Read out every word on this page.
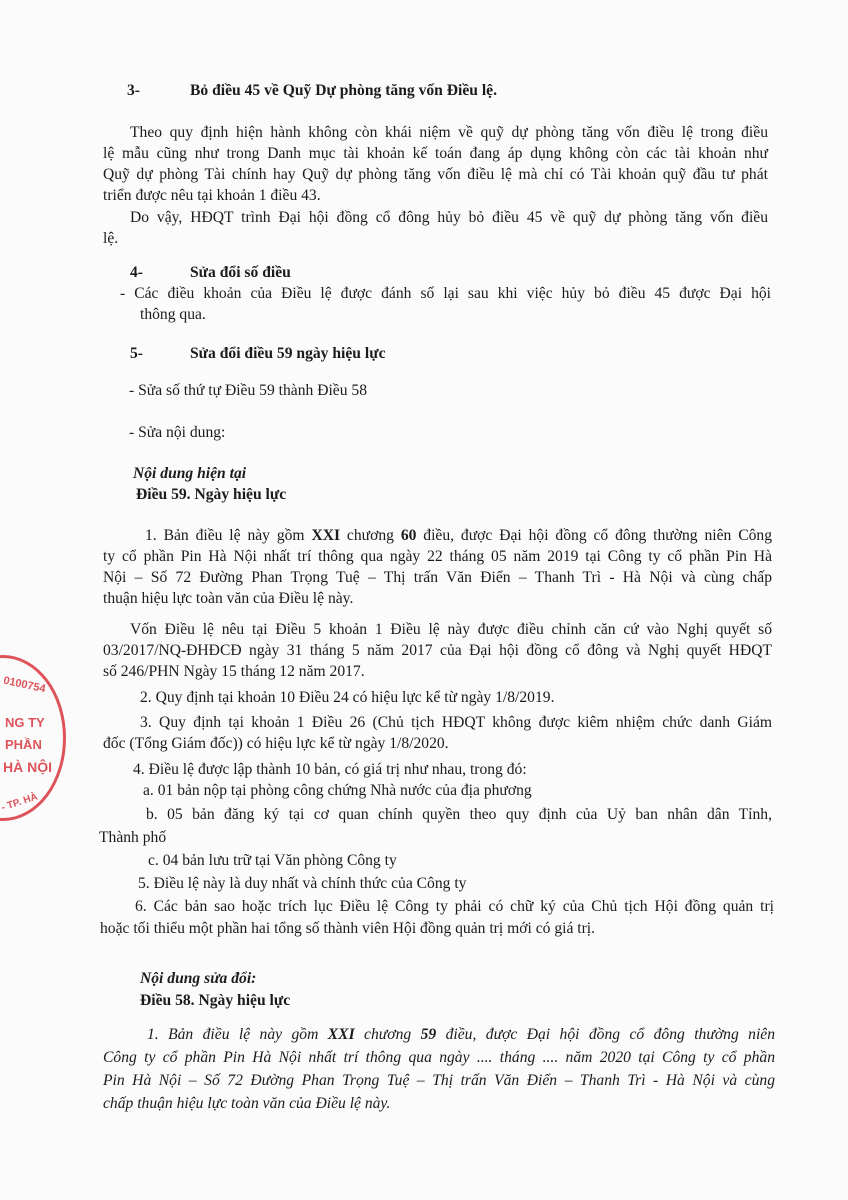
3-	Bỏ điều 45 về Quỹ Dự phòng tăng vốn Điều lệ.
Theo quy định hiện hành không còn khái niệm về quỹ dự phòng tăng vốn điều lệ trong điều
lệ mẫu cũng như trong Danh mục tài khoản kế toán đang áp dụng không còn các tài khoản như
Quỹ dự phòng Tài chính hay Quỹ dự phòng tăng vốn điều lệ mà chỉ có Tài khoản quỹ đầu tư phát
triển được nêu tại khoản 1 điều 43.
Do vậy, HĐQT trình Đại hội đồng cổ đông hủy bỏ điều 45 về quỹ dự phòng tăng vốn điều
lệ.
4-	Sửa đổi số điều
- Các điều khoản của Điều lệ được đánh số lại sau khi việc hủy bỏ điều 45 được Đại hội
thông qua.
5-	Sửa đổi điều 59 ngày hiệu lực
- Sửa số thứ tự Điều 59 thành Điều 58
- Sửa nội dung:
Nội dung hiện tại
Điều 59. Ngày hiệu lực
1. Bản điều lệ này gồm XXI chương 60 điều, được Đại hội đồng cổ đông thường niên Công
ty cổ phần Pin Hà Nội nhất trí thông qua ngày 22 tháng 05 năm 2019 tại Công ty cổ phần Pin Hà
Nội – Số 72 Đường Phan Trọng Tuệ – Thị trấn Văn Điển – Thanh Trì - Hà Nội và cùng chấp
thuận hiệu lực toàn văn của Điều lệ này.
Vốn Điều lệ nêu tại Điều 5 khoản 1 Điều lệ này được điều chỉnh căn cứ vào Nghị quyết số
03/2017/NQ-ĐHĐCĐ ngày 31 tháng 5 năm 2017 của Đại hội đồng cổ đông và Nghị quyết HĐQT
số 246/PHN Ngày 15 tháng 12 năm 2017.
2. Quy định tại khoản 10 Điều 24 có hiệu lực kể từ ngày 1/8/2019.
3. Quy định tại khoản 1 Điều 26 (Chủ tịch HĐQT không được kiêm nhiệm chức danh Giám
đốc (Tổng Giám đốc)) có hiệu lực kể từ ngày 1/8/2020.
4. Điều lệ được lập thành 10 bản, có giá trị như nhau, trong đó:
a. 01 bản nộp tại phòng công chứng Nhà nước của địa phương
b. 05 bản đăng ký tại cơ quan chính quyền theo quy định của Uỷ ban nhân dân Tỉnh,
Thành phố
c. 04 bản lưu trữ tại Văn phòng Công ty
5. Điều lệ này là duy nhất và chính thức của Công ty
6. Các bản sao hoặc trích lục Điều lệ Công ty phải có chữ ký của Chủ tịch Hội đồng quản trị
hoặc tối thiểu một phần hai tổng số thành viên Hội đồng quản trị mới có giá trị.
Nội dung sửa đổi:
Điều 58. Ngày hiệu lực
1. Bản điều lệ này gồm XXI chương 59 điều, được Đại hội đồng cổ đông thường niên
Công ty cổ phần Pin Hà Nội nhất trí thông qua ngày .... tháng .... năm 2020 tại Công ty cổ phần
Pin Hà Nội – Số 72 Đường Phan Trọng Tuệ – Thị trấn Văn Điển – Thanh Trì - Hà Nội và cùng
chấp thuận hiệu lực toàn văn của Điều lệ này.
0100754
NG TY
PHẦN
HÀ NỘI
- TP. HÀ
